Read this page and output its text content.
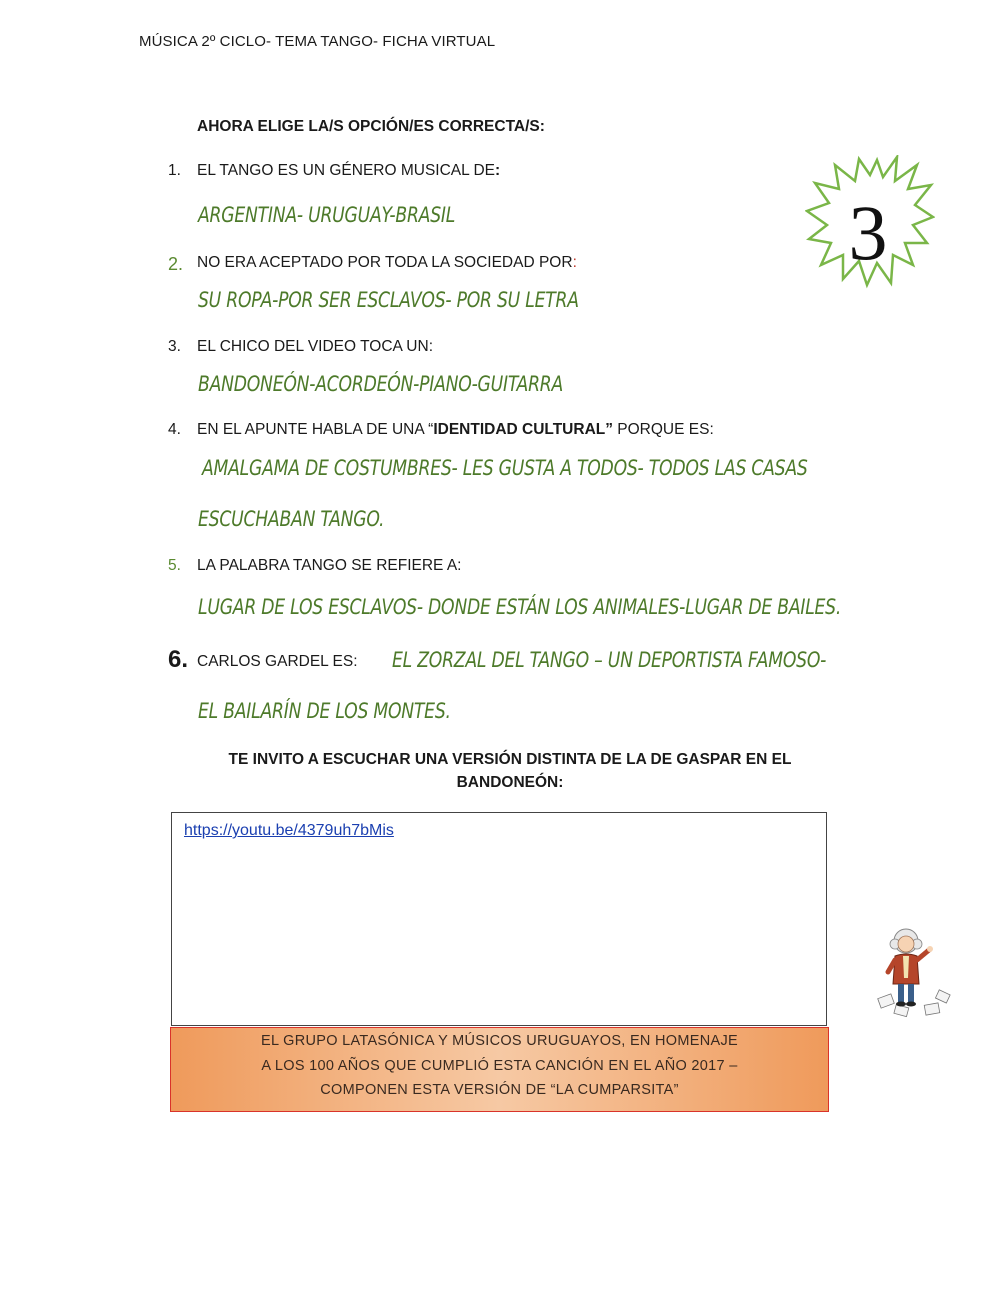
MÚSICA 2º CICLO- TEMA TANGO- FICHA VIRTUAL
AHORA ELIGE LA/S OPCIÓN/ES CORRECTA/S:
3
1. EL TANGO ES UN GÉNERO MUSICAL DE:
ARGENTINA- URUGUAY-BRASIL
2. NO ERA ACEPTADO POR TODA LA SOCIEDAD POR:
SU ROPA-POR SER ESCLAVOS- POR SU LETRA
3. EL CHICO DEL VIDEO TOCA UN:
BANDONEÓN-ACORDEÓN-PIANO-GUITARRA
4. EN EL APUNTE HABLA DE UNA “IDENTIDAD CULTURAL” PORQUE ES:
AMALGAMA DE COSTUMBRES- LES GUSTA A TODOS- TODOS LAS CASAS
ESCUCHABAN TANGO.
5. LA PALABRA TANGO SE REFIERE A:
LUGAR DE LOS ESCLAVOS- DONDE ESTÁN LOS ANIMALES-LUGAR DE BAILES.
6. CARLOS GARDEL ES: EL ZORZAL DEL TANGO – UN DEPORTISTA FAMOSO-
EL BAILARÍN DE LOS MONTES.
TE INVITO A ESCUCHAR UNA VERSIÓN DISTINTA DE LA DE GASPAR EN EL
BANDONEÓN:
https://youtu.be/4379uh7bMis
EL GRUPO LATASÓNICA Y MÚSICOS URUGUAYOS, EN HOMENAJE
A LOS 100 AÑOS QUE CUMPLIÓ ESTA CANCIÓN EN EL AÑO 2017 –
COMPONEN ESTA VERSIÓN DE “LA CUMPARSITA”
